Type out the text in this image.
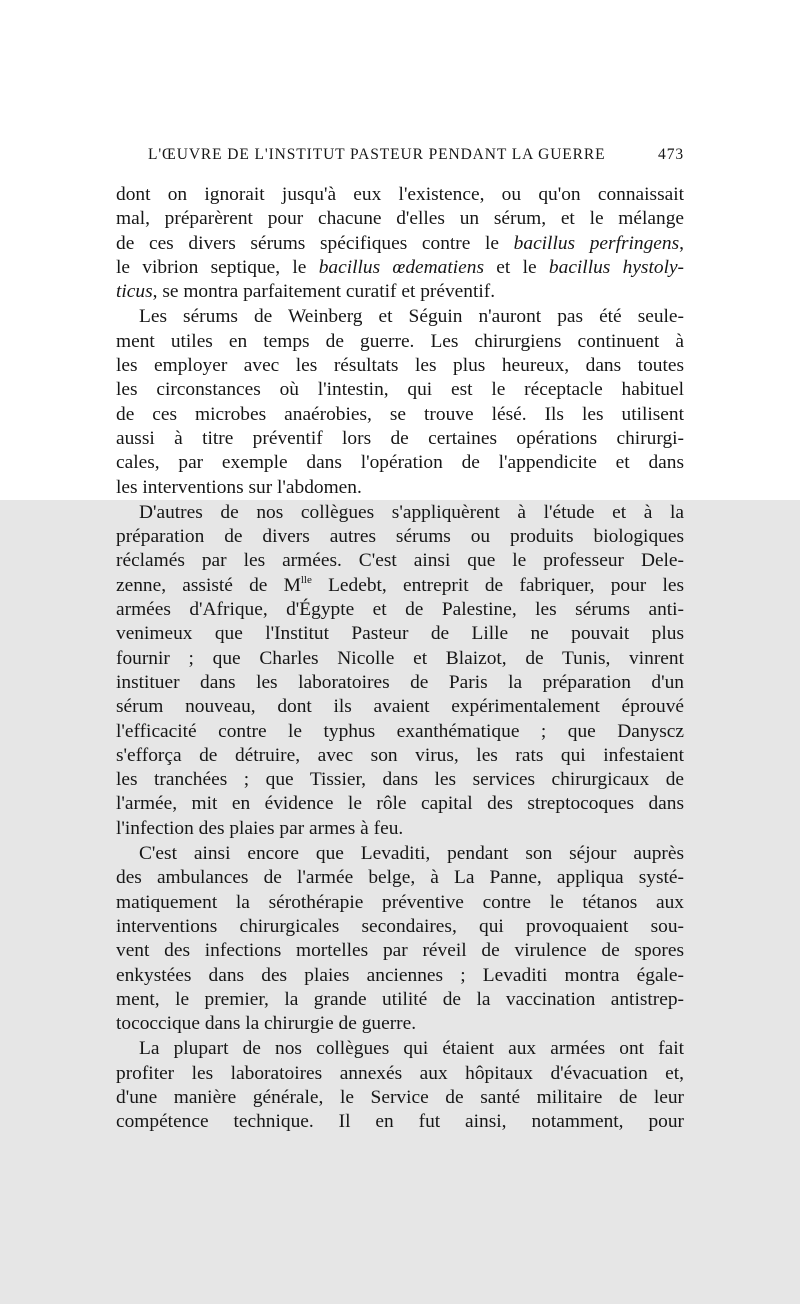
L'ŒUVRE DE L'INSTITUT PASTEUR PENDANT LA GUERRE	473

dont on ignorait jusqu'à eux l'existence, ou qu'on connaissait

mal, préparèrent pour chacune d'elles un sérum, et le mélange

de ces divers sérums spécifiques contre le bacillus perfringens,

le vibrion septique, le bacillus œdematiens et le bacillus hystoly-

ticus, se montra parfaitement curatif et préventif.

Les sérums de Weinberg et Séguin n'auront pas été seule-

ment utiles en temps de guerre. Les chirurgiens continuent à

les employer avec les résultats les plus heureux, dans toutes

les circonstances où l'intestin, qui est le réceptacle habituel

de ces microbes anaérobies, se trouve lésé. Ils les utilisent

aussi à titre préventif lors de certaines opérations chirurgi-

cales, par exemple dans l'opération de l'appendicite et dans

les interventions sur l'abdomen.

D'autres de nos collègues s'appliquèrent à l'étude et à la

préparation de divers autres sérums ou produits biologiques

réclamés par les armées. C'est ainsi que le professeur Dele-

zenne, assisté de $M^{lle}$ Ledebt, entreprit de fabriquer, pour les

armées d'Afrique, d'Égypte et de Palestine, les sérums anti-

venimeux que l'Institut Pasteur de Lille ne pouvait plus

fournir ; que Charles Nicolle et Blaizot, de Tunis, vinrent

instituer dans les laboratoires de Paris la préparation d'un

sérum nouveau, dont ils avaient expérimentalement éprouvé

l'efficacité contre le typhus exanthématique ; que Danyscz

s'efforça de détruire, avec son virus, les rats qui infestaient

les tranchées ; que Tissier, dans les services chirurgicaux de

l'armée, mit en évidence le rôle capital des streptocoques dans

l'infection des plaies par armes à feu.

C'est ainsi encore que Levaditi, pendant son séjour auprès

des ambulances de l'armée belge, à La Panne, appliqua systé-

matiquement la sérothérapie préventive contre le tétanos aux

interventions chirurgicales secondaires, qui provoquaient sou-

vent des infections mortelles par réveil de virulence de spores

enkystées dans des plaies anciennes ; Levaditi montra égale-

ment, le premier, la grande utilité de la vaccination antistrep-

tococcique dans la chirurgie de guerre.

La plupart de nos collègues qui étaient aux armées ont fait

profiter les laboratoires annexés aux hôpitaux d'évacuation et,

d'une manière générale, le Service de santé militaire de leur

compétence technique. Il en fut ainsi, notamment, pour
